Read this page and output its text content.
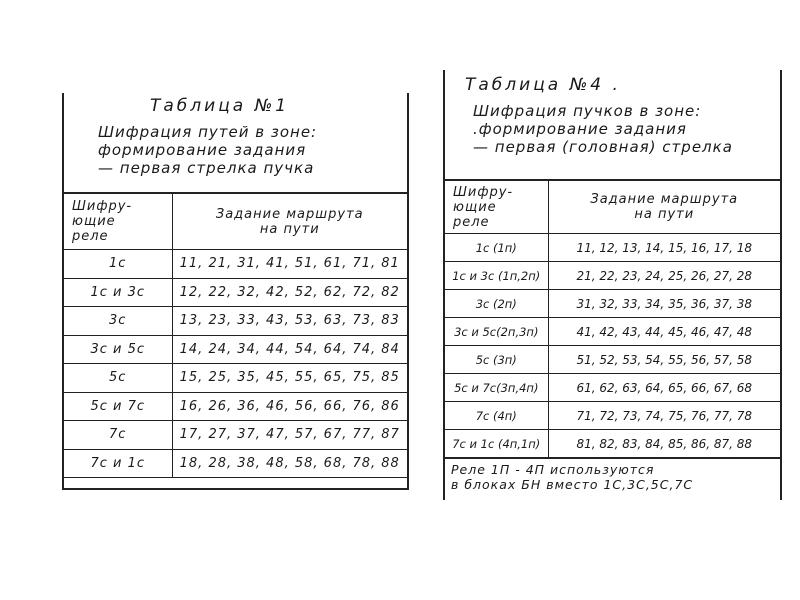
Таблица №1
Шифрация путей в зоне:
формирование задания
— первая стрелка пучка
Шифру-
ющие
реле	Задание маршрута
на пути
1с	11, 21, 31, 41, 51, 61, 71, 81
1с и 3с	12, 22, 32, 42, 52, 62, 72, 82
3с	13, 23, 33, 43, 53, 63, 73, 83
3с и 5с	14, 24, 34, 44, 54, 64, 74, 84
5с	15, 25, 35, 45, 55, 65, 75, 85
5с и 7с	16, 26, 36, 46, 56, 66, 76, 86
7с	17, 27, 37, 47, 57, 67, 77, 87
7с и 1с	18, 28, 38, 48, 58, 68, 78, 88
Таблица №4 .
Шифрация пучков в зоне:
.формирование задания
— первая (головная) стрелка
Шифру-
ющие
реле	Задание маршрута
на пути
1с (1п)	11, 12, 13, 14, 15, 16, 17, 18
1с и 3с (1п,2п)	21, 22, 23, 24, 25, 26, 27, 28
3с (2п)	31, 32, 33, 34, 35, 36, 37, 38
3с и 5с(2п,3п)	41, 42, 43, 44, 45, 46, 47, 48
5с (3п)	51, 52, 53, 54, 55, 56, 57, 58
5с и 7с(3п,4п)	61, 62, 63, 64, 65, 66, 67, 68
7с (4п)	71, 72, 73, 74, 75, 76, 77, 78
7с и 1с (4п,1п)	81, 82, 83, 84, 85, 86, 87, 88
Реле 1П - 4П используются
в блоках БН вместо 1С,3С,5С,7С
